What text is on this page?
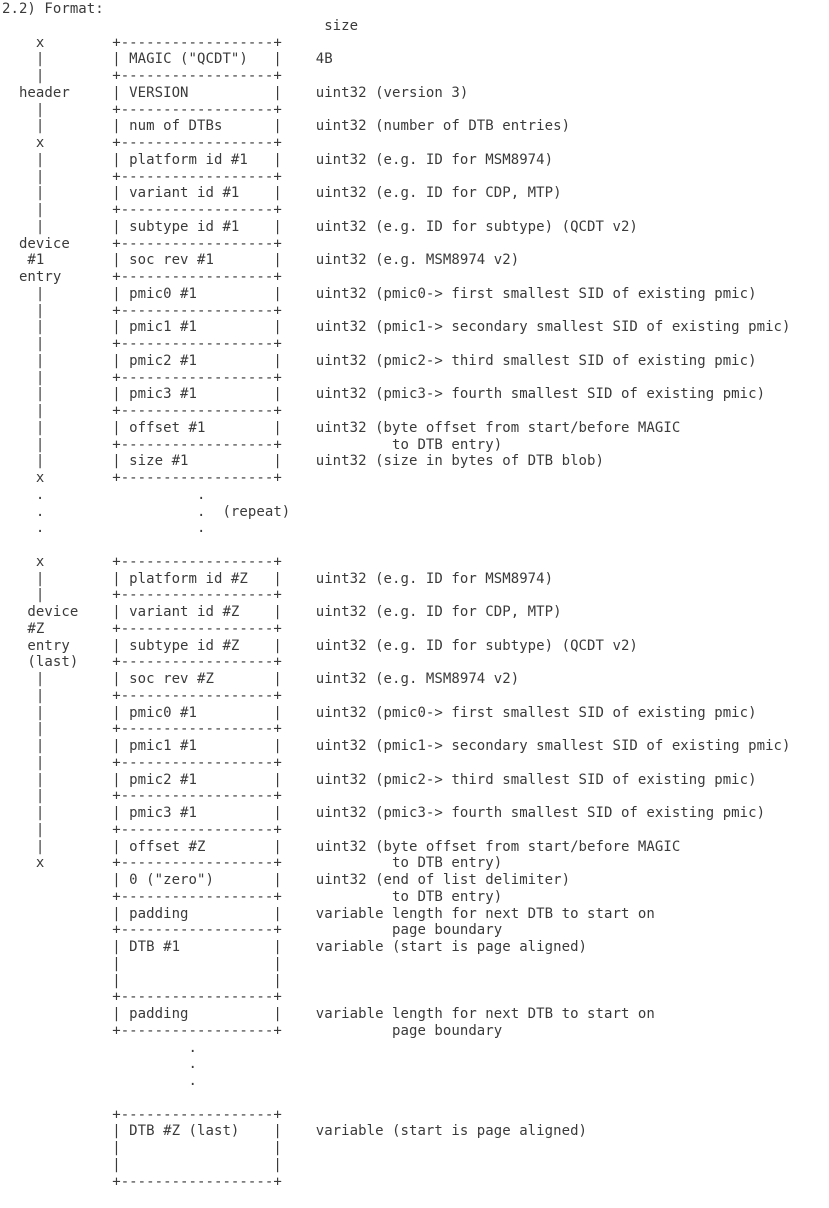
2.2) Format:
size
x        +------------------+
|        | MAGIC ("QCDT")   |    4B
|        +------------------+
header     | VERSION          |    uint32 (version 3)
|        +------------------+
|        | num of DTBs      |    uint32 (number of DTB entries)
x        +------------------+
|        | platform id #1   |    uint32 (e.g. ID for MSM8974)
|        +------------------+
|        | variant id #1    |    uint32 (e.g. ID for CDP, MTP)
|        +------------------+
|        | subtype id #1    |    uint32 (e.g. ID for subtype) (QCDT v2)
device     +------------------+
#1        | soc rev #1       |    uint32 (e.g. MSM8974 v2)
entry      +------------------+
|        | pmic0 #1         |    uint32 (pmic0-> first smallest SID of existing pmic)
|        +------------------+
|        | pmic1 #1         |    uint32 (pmic1-> secondary smallest SID of existing pmic)
|        +------------------+
|        | pmic2 #1         |    uint32 (pmic2-> third smallest SID of existing pmic)
|        +------------------+
|        | pmic3 #1         |    uint32 (pmic3-> fourth smallest SID of existing pmic)
|        +------------------+
|        | offset #1        |    uint32 (byte offset from start/before MAGIC
|        +------------------+             to DTB entry)
|        | size #1          |    uint32 (size in bytes of DTB blob)
x        +------------------+
.                  .
.                  .  (repeat)
.                  .

x        +------------------+
|        | platform id #Z   |    uint32 (e.g. ID for MSM8974)
|        +------------------+
device    | variant id #Z    |    uint32 (e.g. ID for CDP, MTP)
#Z        +------------------+
entry     | subtype id #Z    |    uint32 (e.g. ID for subtype) (QCDT v2)
(last)    +------------------+
|        | soc rev #Z       |    uint32 (e.g. MSM8974 v2)
|        +------------------+
|        | pmic0 #1         |    uint32 (pmic0-> first smallest SID of existing pmic)
|        +------------------+
|        | pmic1 #1         |    uint32 (pmic1-> secondary smallest SID of existing pmic)
|        +------------------+
|        | pmic2 #1         |    uint32 (pmic2-> third smallest SID of existing pmic)
|        +------------------+
|        | pmic3 #1         |    uint32 (pmic3-> fourth smallest SID of existing pmic)
|        +------------------+
|        | offset #Z        |    uint32 (byte offset from start/before MAGIC
x        +------------------+             to DTB entry)
| 0 ("zero")       |    uint32 (end of list delimiter)
+------------------+             to DTB entry)
| padding          |    variable length for next DTB to start on
+------------------+             page boundary
| DTB #1           |    variable (start is page aligned)
|                  |
|                  |
+------------------+
| padding          |    variable length for next DTB to start on
+------------------+             page boundary
.
.
.

+------------------+
| DTB #Z (last)    |    variable (start is page aligned)
|                  |
|                  |
+------------------+
